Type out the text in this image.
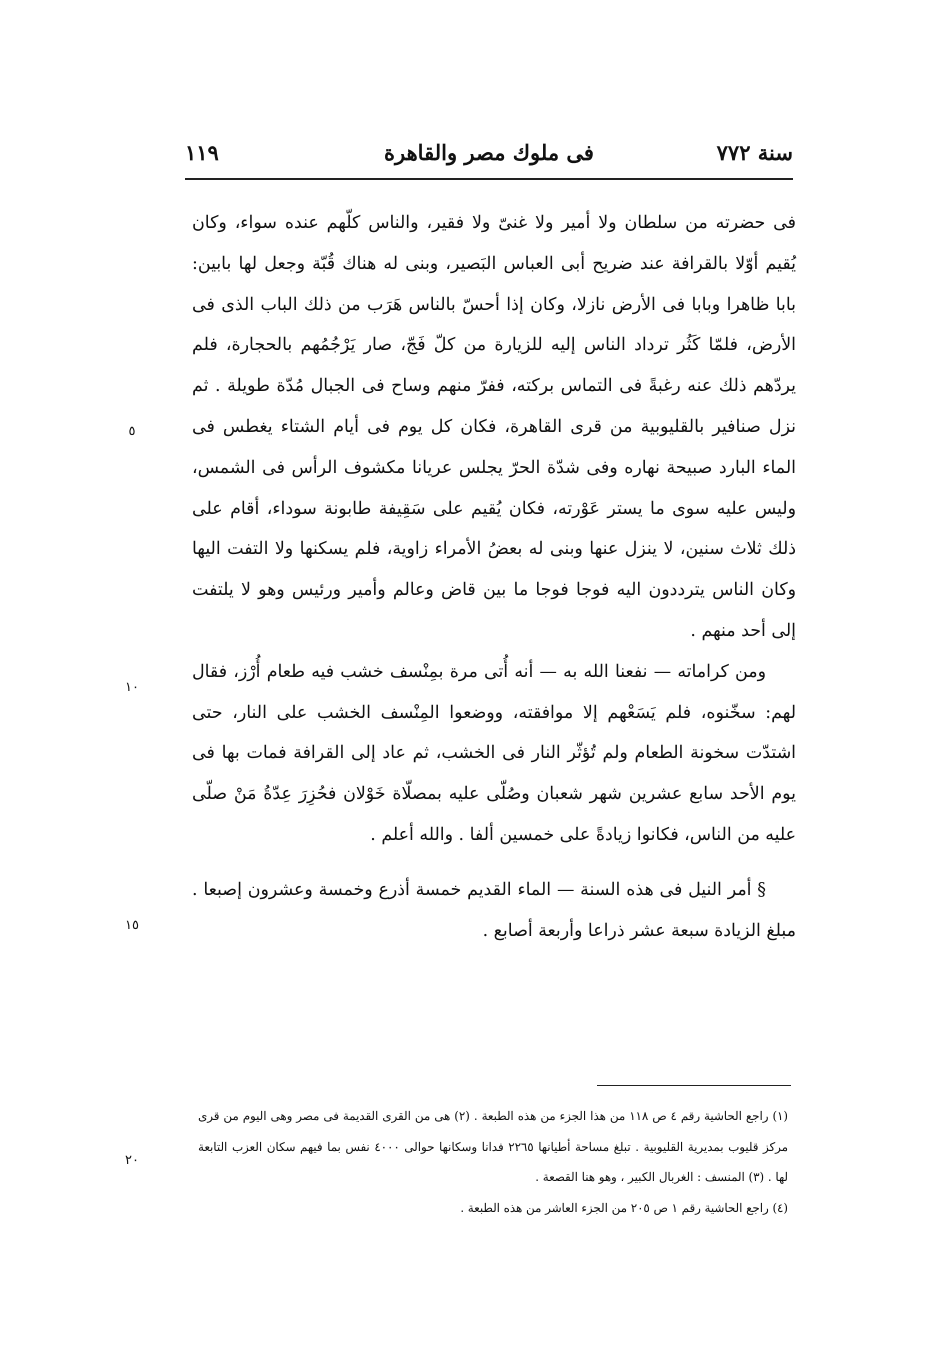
سنة ٧٧٢
فى ملوك مصر والقاهرة
١١٩

فى حضرته من سلطان ولا أمير ولا غنىّ ولا فقير، والناس كلّهم عنده سواء، وكان يُقيم أوّلا بالقرافة عند ضريح أبى العباس البَصير، وبنى له هناك قُبّة وجعل لها بابين: بابا ظاهرا وبابا فى الأرض نازلا، وكان إذا أحسّ بالناس هَرَب من ذلك الباب الذى فى الأرض، فلمّا كَثُر ترداد الناس إليه للزيارة من كلّ فَجّ، صار يَرْجُمُهم بالحجارة، فلم يردّهم ذلك عنه رغبةً فى التماس بركته، ففرّ منهم وساح فى الجبال مُدّة طويلة . ثم نزل صنافير بالقليوبية من قرى القاهرة، فكان كل يوم فى أيام الشتاء يغطس فى الماء البارد صبيحة نهاره وفى شدّة الحرّ يجلس عريانا مكشوف الرأس فى الشمس، وليس عليه سوى ما يستر عَوْرته، فكان يُقيم على سَقِيفة طابونة سوداء، أقام على ذلك ثلاث سنين، لا ينزل عنها وبنى له بعضُ الأمراء زاوية، فلم يسكنها ولا التفت اليها وكان الناس يترددون اليه فوجا فوجا ما بين قاض وعالم وأمير ورئيس وهو لا يلتفت إلى أحد منهم .

ومن كراماته — نفعنا الله به — أنه أُتى مرة بمِنْسف خشب فيه طعام أُرْز، فقال لهم: سخّنوه، فلم يَسَعْهم إلا موافقته، ووضعوا المِنْسف الخشب على النار، حتى اشتدّت سخونة الطعام ولم تُؤثّر النار فى الخشب، ثم عاد إلى القرافة فمات بها فى يوم الأحد سابع عشرين شهر شعبان وصُلّى عليه بمصلّاة خَوْلان فحُزِرَ عِدّةُ مَنْ صلّى عليه من الناس، فكانوا زيادةً على خمسين ألفا . والله أعلم .

§ أمر النيل فى هذه السنة — الماء القديم خمسة أذرع وخمسة وعشرون إصبعا . مبلغ الزيادة سبعة عشر ذراعا وأربعة أصابع .

٥
١٠
١٥
٢٠

(١) راجع الحاشية رقم ٤ ص ١١٨ من هذا الجزء من هذه الطبعة . (٢) هى من القرى القديمة فى مصر وهى اليوم من قرى مركز قليوب بمديرية القليوبية . تبلغ مساحة أطيانها ٢٢٦٥ فدانا وسكانها حوالى ٤٠٠٠ نفس بما فيهم سكان العزب التابعة لها . (٣) المنسف : الغربال الكبير ، وهو هنا القصعة .

(٤) راجع الحاشية رقم ١ ص ٢٠٥ من الجزء العاشر من هذه الطبعة .
